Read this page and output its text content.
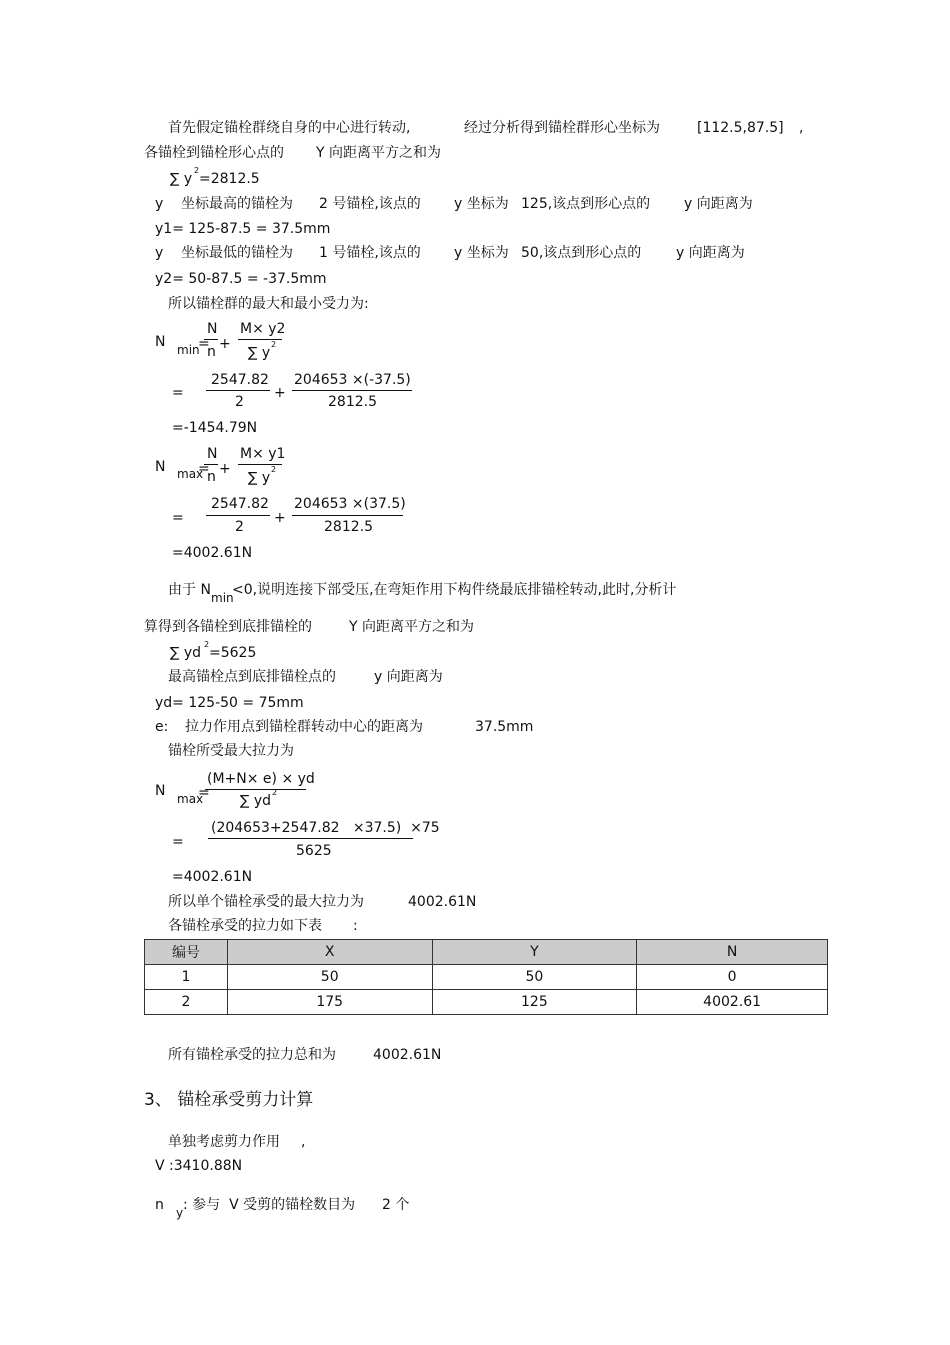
首先假定锚栓群绕自身的中心进行转动,	经过分析得到锚栓群形心坐标为	[112.5,87.5] ,
各锚栓到锚栓形心点的 Y 向距离平方之和为
∑ y
2
=2812.5
y 坐标最高的锚栓为 2 号锚栓,该点的 y 坐标为 125,该点到形心点的 y 向距离为
y1= 125-87.5 = 37.5mm
y 坐标最低的锚栓为 1 号锚栓,该点的 y 坐标为 50,该点到形心点的 y 向距离为
y2= 50-87.5 = -37.5mm
所以锚栓群的最大和最小受力为:
N min
=
N
n +
M× y2
∑ y
2
=
2547.82
2
+
204653 ×(-37.5)
2812.5
=-1454.79N
N max
=
N
n +
M× y1
∑ y
2
=
2547.82
2
+
204653 ×(37.5)
2812.5
=4002.61N
由于 N min
<0,说明连接下部受压,在弯矩作用下构件绕最底排锚栓转动,此时,分析计
算得到各锚栓到底排锚栓的	Y 向距离平方之和为
∑ yd
2
=5625
最高锚栓点到底排锚栓点的	y 向距离为
yd= 125-50 = 75mm
e: 拉力作用点到锚栓群转动中心的距离为	37.5mm
锚栓所受最大拉力为
N max
=
(M+N× e) × yd
∑ yd
2
=
(204653+2547.82   ×37.5)  ×75
5625
=4002.61N
所以单个锚栓承受的最大拉力为	4002.61N
各锚栓承受的拉力如下表 :
编号	X	Y	N
1	50	50	0
2	175	125	4002.61
所有锚栓承受的拉力总和为	4002.61N
3、 锚栓承受剪力计算
单独考虑剪力作用 ,
V :3410.88N
n y : 参与  V 受剪的锚栓数目为 2 个
